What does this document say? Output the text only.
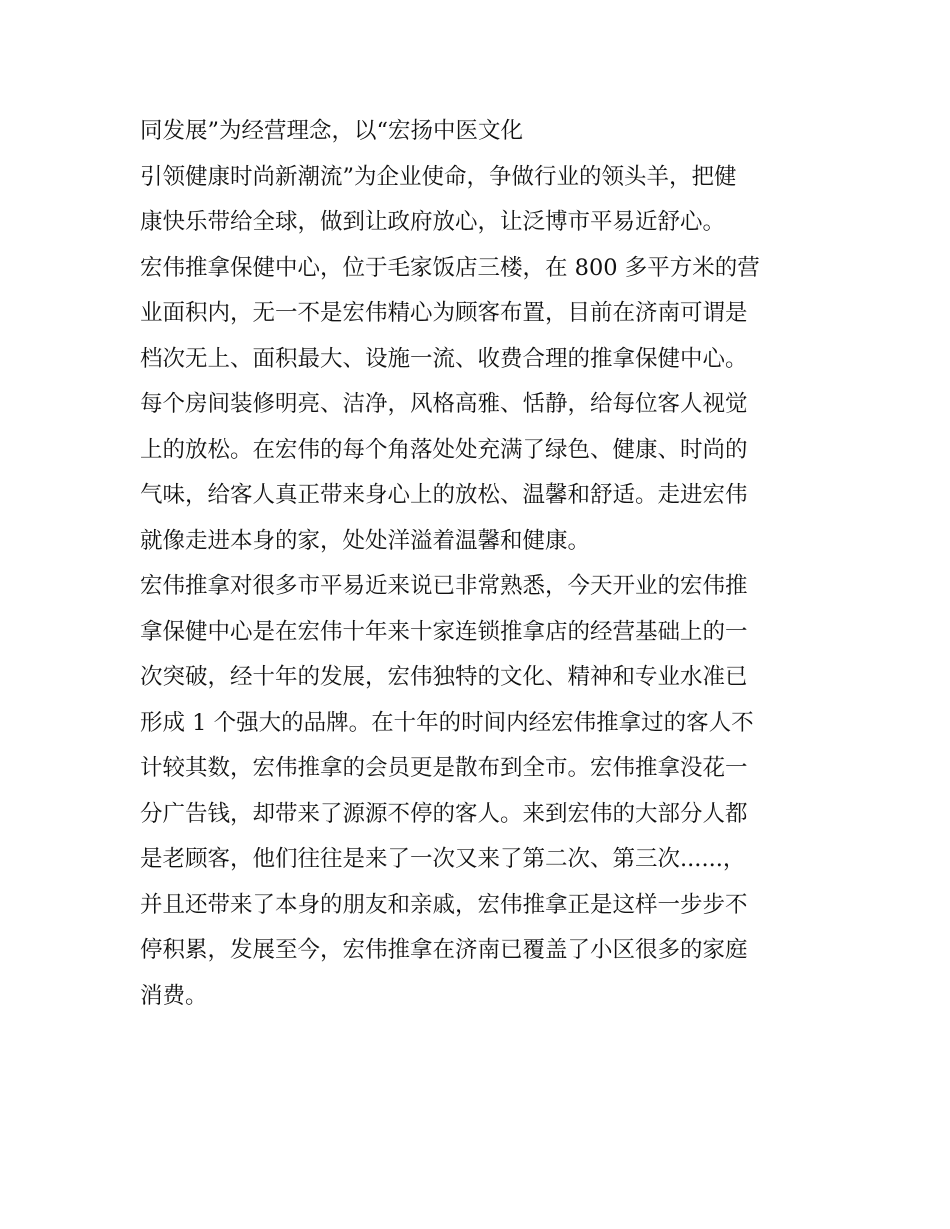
同发展”为经营理念，以“宏扬中医文化
引领健康时尚新潮流”为企业使命，争做行业的领头羊，把健
康快乐带给全球，做到让政府放心，让泛博市平易近舒心。
宏伟推拿保健中心，位于毛家饭店三楼，在 800 多平方米的营
业面积内，无一不是宏伟精心为顾客布置，目前在济南可谓是
档次无上、面积最大、设施一流、收费合理的推拿保健中心。
每个房间装修明亮、洁净，风格高雅、恬静，给每位客人视觉
上的放松。在宏伟的每个角落处处充满了绿色、健康、时尚的
气味，给客人真正带来身心上的放松、温馨和舒适。走进宏伟
就像走进本身的家，处处洋溢着温馨和健康。
宏伟推拿对很多市平易近来说已非常熟悉，今天开业的宏伟推
拿保健中心是在宏伟十年来十家连锁推拿店的经营基础上的一
次突破，经十年的发展，宏伟独特的文化、精神和专业水准已
形成 1 个强大的品牌。在十年的时间内经宏伟推拿过的客人不
计较其数，宏伟推拿的会员更是散布到全市。宏伟推拿没花一
分广告钱，却带来了源源不停的客人。来到宏伟的大部分人都
是老顾客，他们往往是来了一次又来了第二次、第三次......，
并且还带来了本身的朋友和亲戚，宏伟推拿正是这样一步步不
停积累，发展至今，宏伟推拿在济南已覆盖了小区很多的家庭
消费。
